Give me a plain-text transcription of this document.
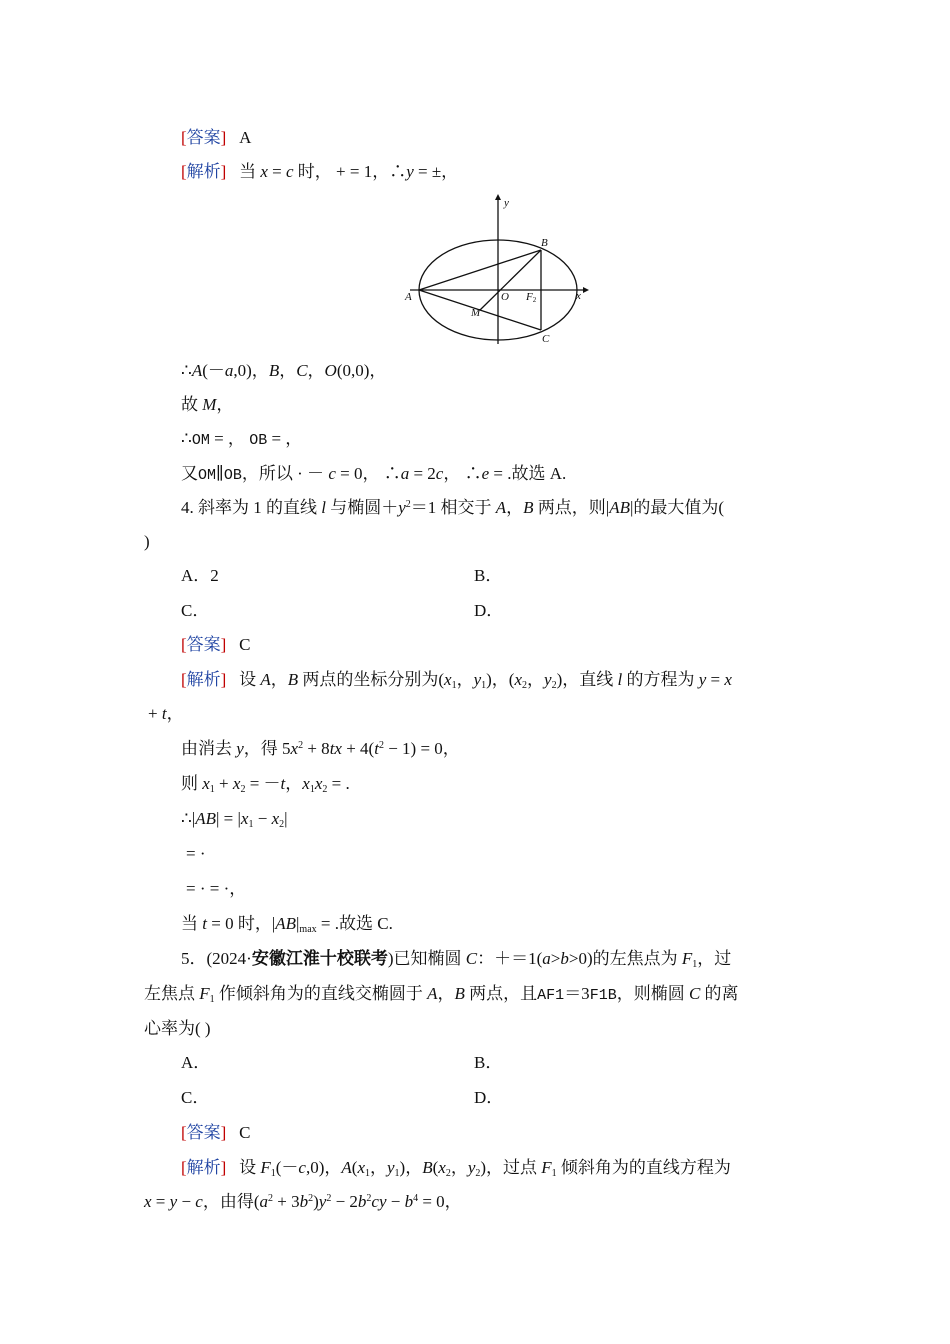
[答案] A
[解析] 当 x = c 时， + = 1，∴y = ±，
y
x
A
B
C
O F2
M
∴A(－a,0)，B，C，O(0,0)，
故 M，
∴OM = ， OB = ，
又OM∥OB，所以 · － c = 0， ∴a = 2c， ∴e = .故选 A.
4. 斜率为 1 的直线 l 与椭圆$+y^2=1$ 相交于 A，B 两点，则|AB|的最大值为(
)
A．2	B．
C．	D．
[答案] C
[解析] 设 A，B 两点的坐标分别为($x_1$，$y_1$)，($x_2$，$y_2$)，直线 l 的方程为 y = x
+ t，
由消去 y，得 $5x^2 + 8tx + 4(t^2 - 1) = 0$，
则 $x_1 + x_2 = -t$，$x_1x_2$ = .
∴|AB| = $|x_1 - x_2|$
= ·
= · = ·，
当 t = 0 时，$|AB|_{max}$ = .故选 C.
5．(2024·安徽江淮十校联考)已知椭圆 C：＋＝1(a>b>0)的左焦点为 $F_1$，过
左焦点 $F_1$ 作倾斜角为的直线交椭圆于 A，B 两点，且AF1＝3F1B，则椭圆 C 的离
心率为( )
A．	B．
C．	D．
[答案] C
[解析] 设 $F_1(-c,0)$，$A(x_1$，$y_1$)，$B(x_2$，$y_2$)，过点 $F_1$ 倾斜角为的直线方程为
x = y − c，由得$(a^2 + 3b^2)y^2 - 2b^2cy - b^4 = 0$，
